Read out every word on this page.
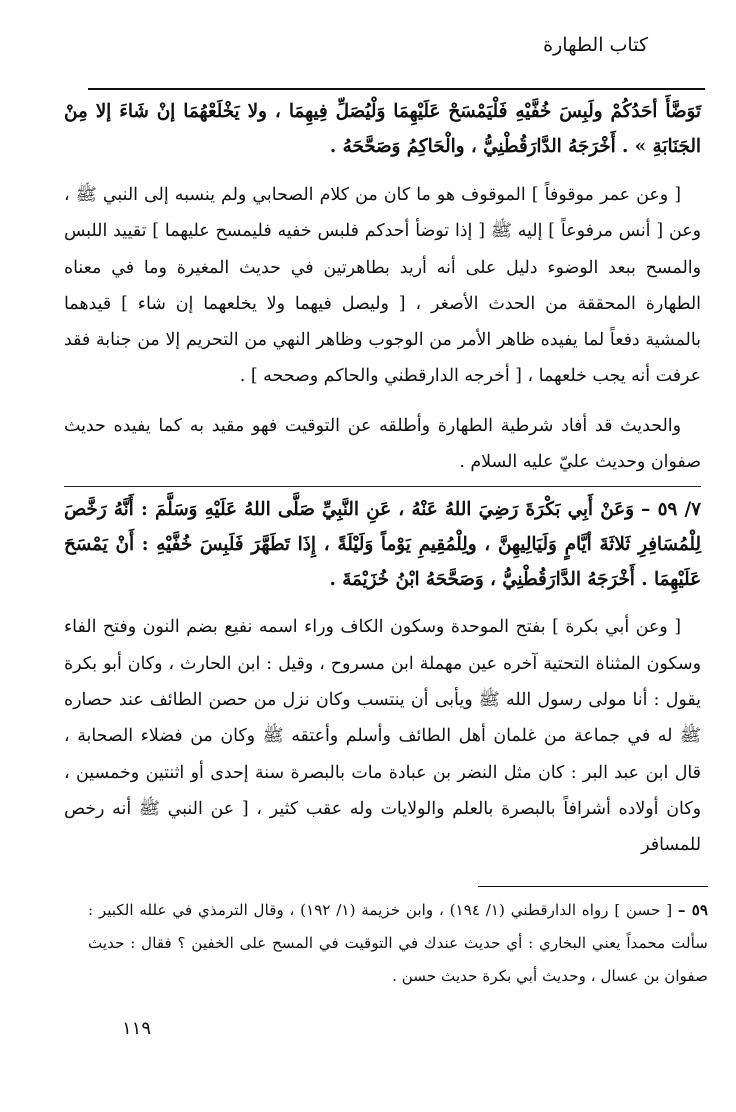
كتاب الطهارة

تَوَضَّأَ أحَدُكُمْ ولَبِسَ خُفَّيْهِ فَلْيَمْسَحْ عَلَيْهِمَا وَلْيُصَلِّ فِيهِمَا ، ولا يَخْلَعْهُمَا إنْ شَاءَ إلا مِنْ الجَنَابَةِ » . أَخْرَجَهُ الدَّارَقُطْنِيُّ ، والْحَاكِمُ وَصَحَّحَهُ .

[ وعن عمر موقوفاً ] الموقوف هو ما كان من كلام الصحابي ولم ينسبه إلى النبي ﷺ ، وعن [ أنس مرفوعاً ] إليه ﷺ [ إذا توضأ أحدكم فلبس خفيه فليمسح عليهما ] تقييد اللبس والمسح ببعد الوضوء دليل على أنه أريد بطاهرتين في حديث المغيرة وما في معناه الطهارة المحققة من الحدث الأصغر ، [ وليصل فيهما ولا يخلعهما إن شاء ] قيدهما بالمشية دفعاً لما يفيده ظاهر الأمر من الوجوب وظاهر النهي من التحريم إلا من جنابة فقد عرفت أنه يجب خلعهما ، [ أخرجه الدارقطني والحاكم وصححه ] .

والحديث قد أفاد شرطية الطهارة وأطلقه عن التوقيت فهو مقيد به كما يفيده حديث صفوان وحديث عليّ عليه السلام .

٧/ ٥٩ – وَعَنْ أَبِي بَكْرَةَ رَضِيَ اللهُ عَنْهُ ، عَنِ النَّبِيِّ صَلَّى اللهُ عَلَيْهِ وَسَلَّمَ : أَنَّهُ رَخَّصَ لِلْمُسَافِرِ ثَلاثَةَ أيَّامٍ وَلَيَالِيهِنَّ ، ولِلْمُقِيمِ يَوْماً وَلَيْلَةً ، إِذَا تَطَهَّرَ فَلَبِسَ خُفَّيْهِ : أَنْ يَمْسَحَ عَلَيْهِمَا . أَخْرَجَهُ الدَّارَقُطْنِيُّ ، وَصَحَّحَهُ ابْنُ خُزَيْمَةَ .

[ وعن أبي بكرة ] بفتح الموحدة وسكون الكاف وراء اسمه نفيع بضم النون وفتح الفاء وسكون المثناة التحتية آخره عين مهملة ابن مسروح ، وقيل : ابن الحارث ، وكان أبو بكرة يقول : أنا مولى رسول الله ﷺ ويأبى أن ينتسب وكان نزل من حصن الطائف عند حصاره ﷺ له في جماعة من غلمان أهل الطائف وأسلم وأعتقه ﷺ وكان من فضلاء الصحابة ، قال ابن عبد البر : كان مثل النضر بن عبادة مات بالبصرة سنة إحدى أو اثنتين وخمسين ، وكان أولاده أشرافاً بالبصرة بالعلم والولايات وله عقب كثير ، [ عن النبي ﷺ أنه رخص للمسافر

٥٩ – [ حسن ] رواه الدارقطني (١/ ١٩٤) ، وابن خزيمة (١/ ١٩٢) ، وقال الترمذي في علله الكبير : سألت محمداً يعني البخاري : أي حديث عندك في التوقيت في المسح على الخفين ؟ فقال : حديث صفوان بن عسال ، وحديث أبي بكرة حديث حسن .

١١٩
